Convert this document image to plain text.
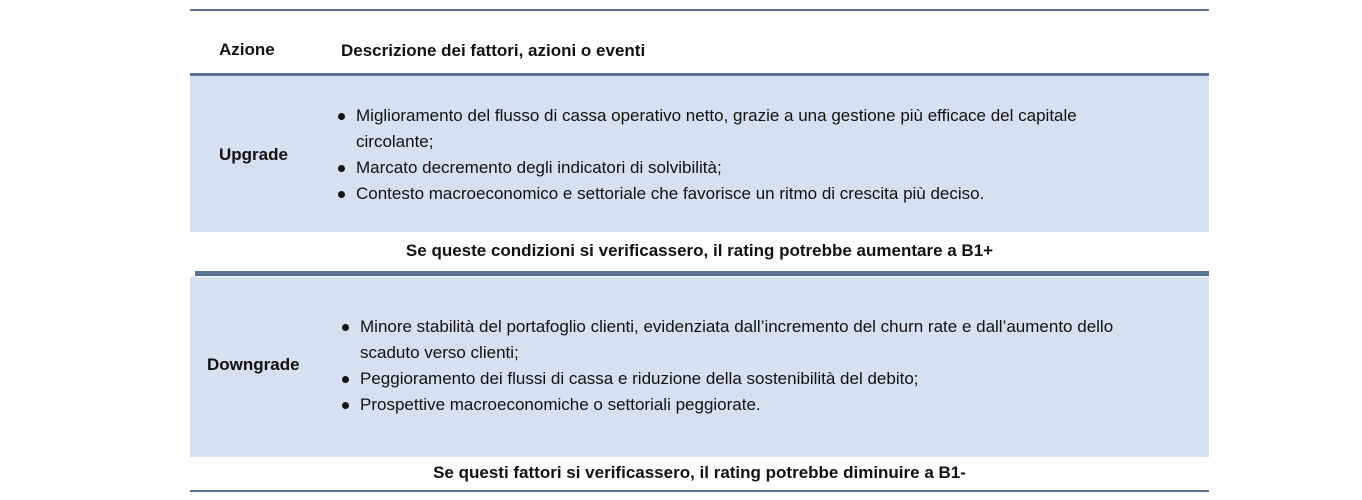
Azione	Descrizione dei fattori, azioni o eventi
Upgrade
Miglioramento del flusso di cassa operativo netto, grazie a una gestione più efficace del capitale circolante;
Marcato decremento degli indicatori di solvibilità;
Contesto macroeconomico e settoriale che favorisce un ritmo di crescita più deciso.
Se queste condizioni si verificassero, il rating potrebbe aumentare a B1+
Downgrade
Minore stabilità del portafoglio clienti, evidenziata dall’incremento del churn rate e dall’aumento dello scaduto verso clienti;
Peggioramento dei flussi di cassa e riduzione della sostenibilità del debito;
Prospettive macroeconomiche o settoriali peggiorate.
Se questi fattori si verificassero, il rating potrebbe diminuire a B1-
